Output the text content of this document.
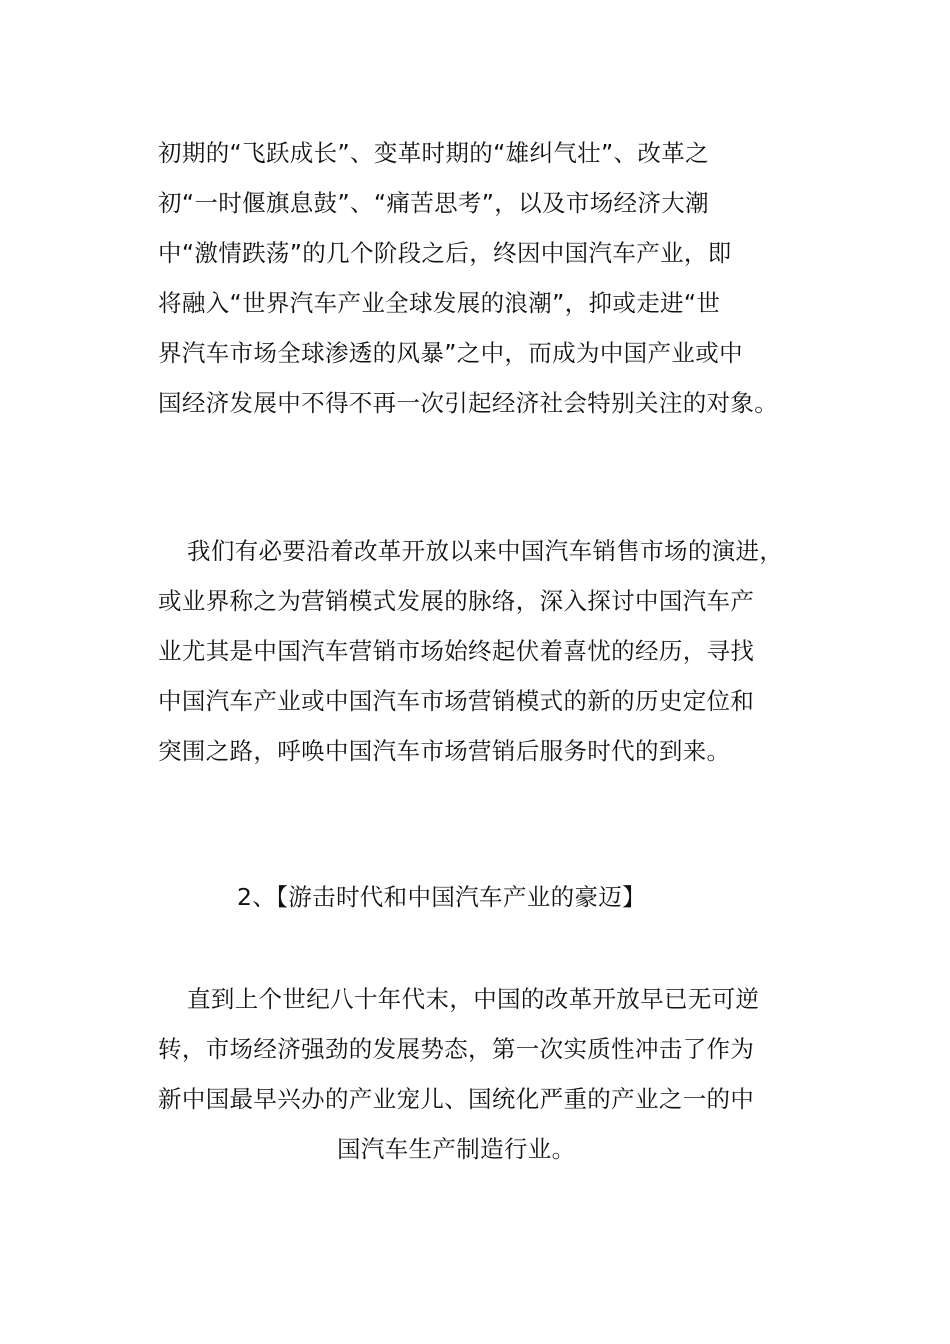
初期的“飞跃成长”、变革时期的“雄纠气壮”、改革之
初“一时偃旗息鼓”、“痛苦思考”，以及市场经济大潮
中“激情跌荡”的几个阶段之后，终因中国汽车产业，即
将融入“世界汽车产业全球发展的浪潮”，抑或走进“世
界汽车市场全球渗透的风暴”之中，而成为中国产业或中
国经济发展中不得不再一次引起经济社会特别关注的对象。
我们有必要沿着改革开放以来中国汽车销售市场的演进，
或业界称之为营销模式发展的脉络，深入探讨中国汽车产
业尤其是中国汽车营销市场始终起伏着喜忧的经历，寻找
中国汽车产业或中国汽车市场营销模式的新的历史定位和
突围之路，呼唤中国汽车市场营销后服务时代的到来。
2、【游击时代和中国汽车产业的豪迈】
直到上个世纪八十年代末，中国的改革开放早已无可逆
转，市场经济强劲的发展势态，第一次实质性冲击了作为
新中国最早兴办的产业宠儿、国统化严重的产业之一的中
国汽车生产制造行业。
